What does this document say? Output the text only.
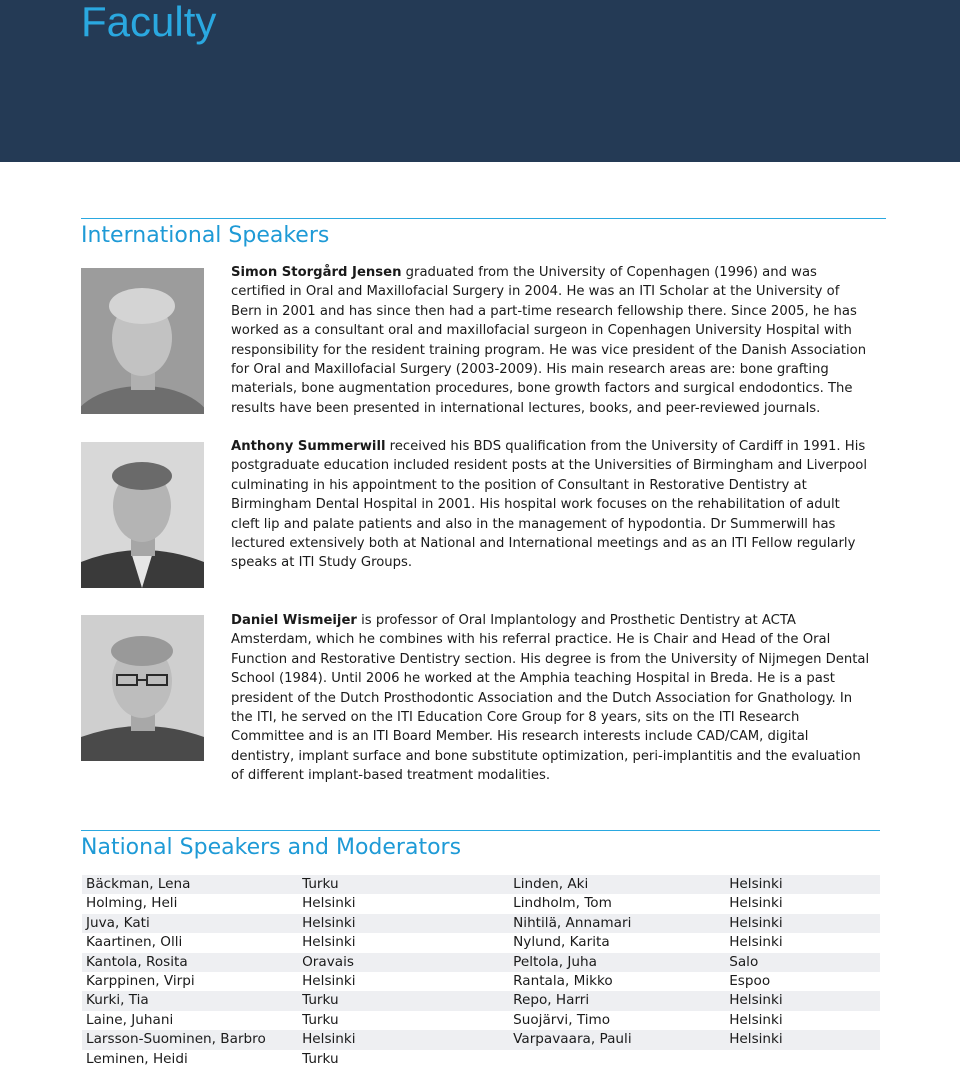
Faculty
International Speakers

Simon Storgård Jensen graduated from the University of Copenhagen (1996) and was certified in Oral and Maxillofacial Surgery in 2004. He was an ITI Scholar at the University of Bern in 2001 and has since then had a part-time research fellowship there. Since 2005, he has worked as a consultant oral and maxillofacial surgeon in Copenhagen University Hospital with responsibility for the resident training program. He was vice president of the Danish Association for Oral and Maxillofacial Surgery (2003-2009). His main research areas are: bone grafting materials, bone augmentation procedures, bone growth factors and surgical endodontics. The results have been presented in international lectures, books, and peer-reviewed journals.

Anthony Summerwill received his BDS qualification from the University of Cardiff in 1991. His postgraduate education included resident posts at the Universities of Birmingham and Liverpool culminating in his appointment to the position of Consultant in Restorative Dentistry at Birmingham Dental Hospital in 2001. His hospital work focuses on the rehabilitation of adult cleft lip and palate patients and also in the management of hypodontia. Dr Summerwill has lectured extensively both at National and International meetings and as an ITI Fellow regularly speaks at ITI Study Groups.

Daniel Wismeijer is professor of Oral Implantology and Prosthetic Dentistry at ACTA Amsterdam, which he combines with his referral practice. He is Chair and Head of the Oral Function and Restorative Dentistry section. His degree is from the University of Nijmegen Dental School (1984). Until 2006 he worked at the Amphia teaching Hospital in Breda. He is a past president of the Dutch Prosthodontic Association and the Dutch Association for Gnathology. In the ITI, he served on the ITI Education Core Group for 8 years, sits on the ITI Research Committee and is an ITI Board Member. His research interests include CAD/CAM, digital dentistry, implant surface and bone substitute optimization, peri-implantitis and the evaluation of different implant-based treatment modalities.

National Speakers and Moderators
Bäckman, Lena	Turku	Linden, Aki	Helsinki
Holming, Heli	Helsinki	Lindholm, Tom	Helsinki
Juva, Kati	Helsinki	Nihtilä, Annamari	Helsinki
Kaartinen, Olli	Helsinki	Nylund, Karita	Helsinki
Kantola, Rosita	Oravais	Peltola, Juha	Salo
Karppinen, Virpi	Helsinki	Rantala, Mikko	Espoo
Kurki, Tia	Turku	Repo, Harri	Helsinki
Laine, Juhani	Turku	Suojärvi, Timo	Helsinki
Larsson-Suominen, Barbro	Helsinki	Varpavaara, Pauli	Helsinki
Leminen, Heidi	Turku		
